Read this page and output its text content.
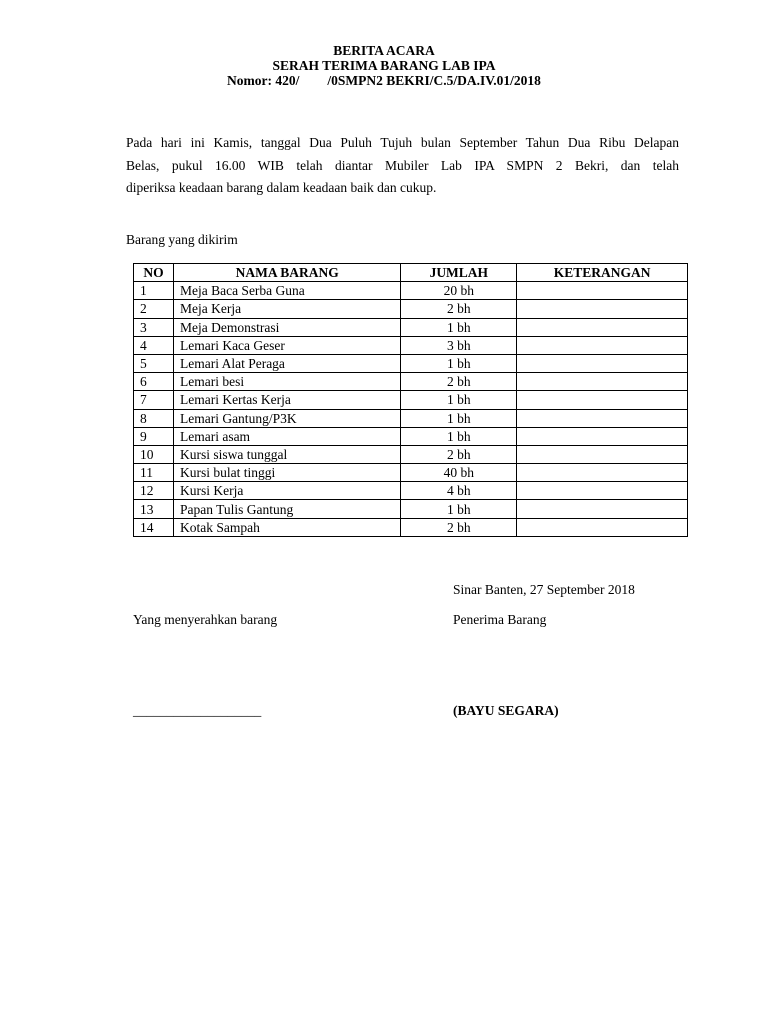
BERITA ACARA
SERAH TERIMA BARANG LAB IPA
Nomor: 420/ /0SMPN2 BEKRI/C.5/DA.IV.01/2018
Pada hari ini Kamis, tanggal Dua Puluh Tujuh bulan September Tahun Dua Ribu Delapan
Belas, pukul 16.00 WIB telah diantar Mubiler Lab IPA SMPN 2 Bekri, dan telah
diperiksa keadaan barang dalam keadaan baik dan cukup.
Barang yang dikirim
NO	NAMA BARANG	JUMLAH	KETERANGAN
1	Meja Baca Serba Guna	20 bh	
2	Meja Kerja	2 bh	
3	Meja Demonstrasi	1 bh	
4	Lemari Kaca Geser	3 bh	
5	Lemari Alat Peraga	1 bh	
6	Lemari besi	2 bh	
7	Lemari Kertas Kerja	1 bh	
8	Lemari Gantung/P3K	1 bh	
9	Lemari asam	1 bh	
10	Kursi siswa tunggal	2 bh	
11	Kursi bulat tinggi	40 bh	
12	Kursi Kerja	4 bh	
13	Papan Tulis Gantung	1 bh	
14	Kotak Sampah	2 bh	
Sinar Banten, 27 September 2018
Yang menyerahkan barang	Penerima Barang
___________________	(BAYU SEGARA)
